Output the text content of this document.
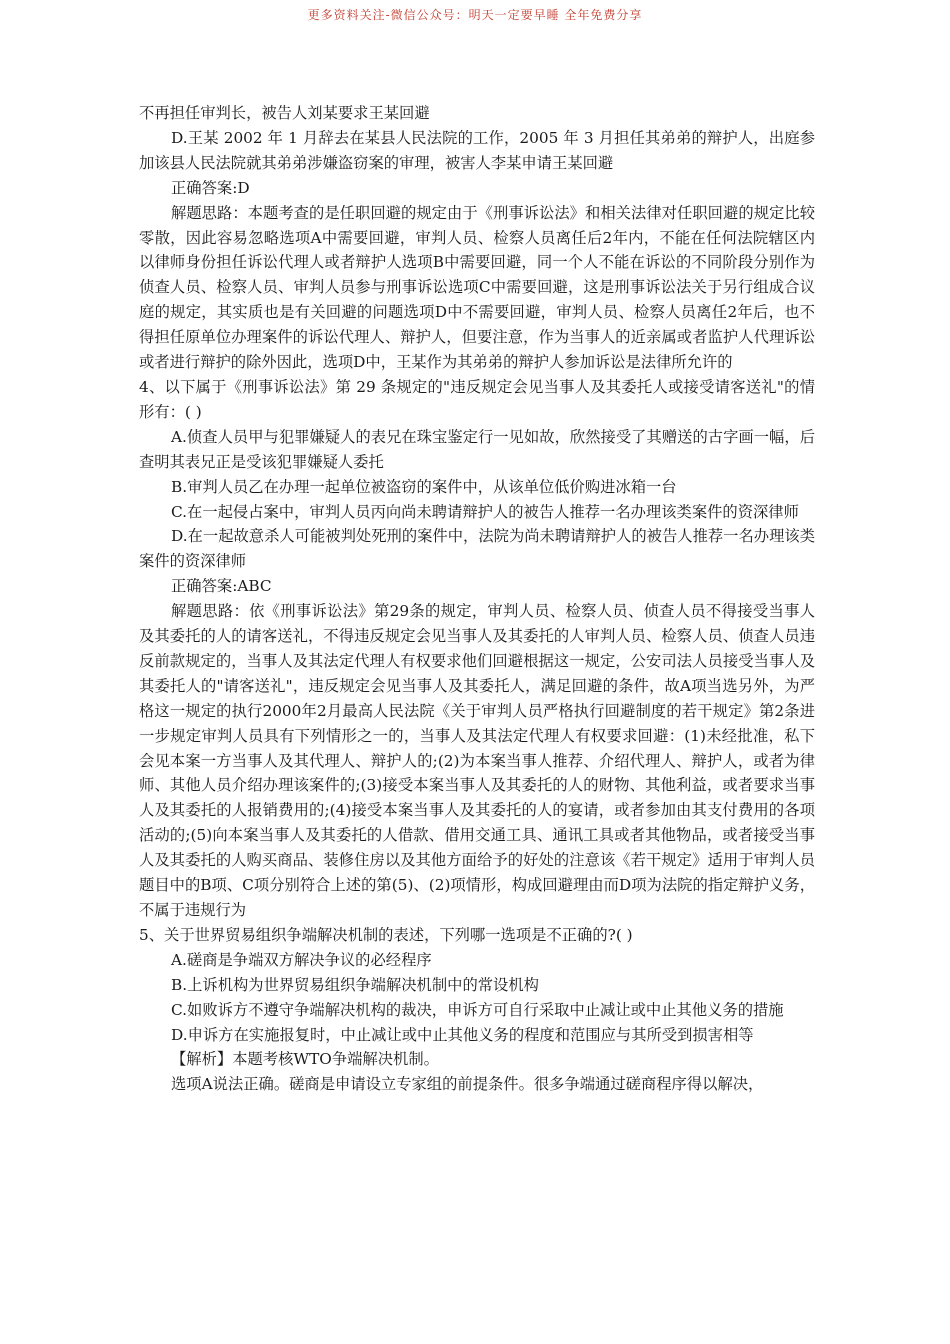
更多资料关注-微信公众号：明天一定要早睡 全年免费分享

不再担任审判长，被告人刘某要求王某回避

D.王某 2002 年 1 月辞去在某县人民法院的工作，2005 年 3 月担任其弟弟的辩护人，出庭参加该县人民法院就其弟弟涉嫌盗窃案的审理，被害人李某申请王某回避

正确答案:D

解题思路：本题考查的是任职回避的规定由于《刑事诉讼法》和相关法律对任职回避的规定比较零散，因此容易忽略选项A中需要回避，审判人员、检察人员离任后2年内，不能在任何法院辖区内以律师身份担任诉讼代理人或者辩护人选项B中需要回避，同一个人不能在诉讼的不同阶段分别作为侦查人员、检察人员、审判人员参与刑事诉讼选项C中需要回避，这是刑事诉讼法关于另行组成合议庭的规定，其实质也是有关回避的问题选项D中不需要回避，审判人员、检察人员离任2年后，也不得担任原单位办理案件的诉讼代理人、辩护人，但要注意，作为当事人的近亲属或者监护人代理诉讼或者进行辩护的除外因此，选项D中，王某作为其弟弟的辩护人参加诉讼是法律所允许的

4、以下属于《刑事诉讼法》第 29 条规定的"违反规定会见当事人及其委托人或接受请客送礼"的情形有：( )

A.侦查人员甲与犯罪嫌疑人的表兄在珠宝鉴定行一见如故，欣然接受了其赠送的古字画一幅，后查明其表兄正是受该犯罪嫌疑人委托

B.审判人员乙在办理一起单位被盗窃的案件中，从该单位低价购进冰箱一台

C.在一起侵占案中，审判人员丙向尚未聘请辩护人的被告人推荐一名办理该类案件的资深律师

D.在一起故意杀人可能被判处死刑的案件中，法院为尚未聘请辩护人的被告人推荐一名办理该类案件的资深律师

正确答案:ABC

解题思路：依《刑事诉讼法》第29条的规定，审判人员、检察人员、侦查人员不得接受当事人及其委托的人的请客送礼，不得违反规定会见当事人及其委托的人审判人员、检察人员、侦查人员违反前款规定的，当事人及其法定代理人有权要求他们回避根据这一规定，公安司法人员接受当事人及其委托人的"请客送礼"，违反规定会见当事人及其委托人，满足回避的条件，故A项当选另外，为严格这一规定的执行2000年2月最高人民法院《关于审判人员严格执行回避制度的若干规定》第2条进一步规定审判人员具有下列情形之一的，当事人及其法定代理人有权要求回避：(1)未经批准，私下会见本案一方当事人及其代理人、辩护人的;(2)为本案当事人推荐、介绍代理人、辩护人，或者为律师、其他人员介绍办理该案件的;(3)接受本案当事人及其委托的人的财物、其他利益，或者要求当事人及其委托的人报销费用的;(4)接受本案当事人及其委托的人的宴请，或者参加由其支付费用的各项活动的;(5)向本案当事人及其委托的人借款、借用交通工具、通讯工具或者其他物品，或者接受当事人及其委托的人购买商品、装修住房以及其他方面给予的好处的注意该《若干规定》适用于审判人员题目中的B项、C项分别符合上述的第(5)、(2)项情形，构成回避理由而D项为法院的指定辩护义务，不属于违规行为

5、关于世界贸易组织争端解决机制的表述，下列哪一选项是不正确的?( )

A.磋商是争端双方解决争议的必经程序

B.上诉机构为世界贸易组织争端解决机制中的常设机构

C.如败诉方不遵守争端解决机构的裁决，申诉方可自行采取中止减让或中止其他义务的措施

D.申诉方在实施报复时，中止减让或中止其他义务的程度和范围应与其所受到损害相等

【解析】本题考核WTO争端解决机制。

选项A说法正确。磋商是申请设立专家组的前提条件。很多争端通过磋商程序得以解决，
